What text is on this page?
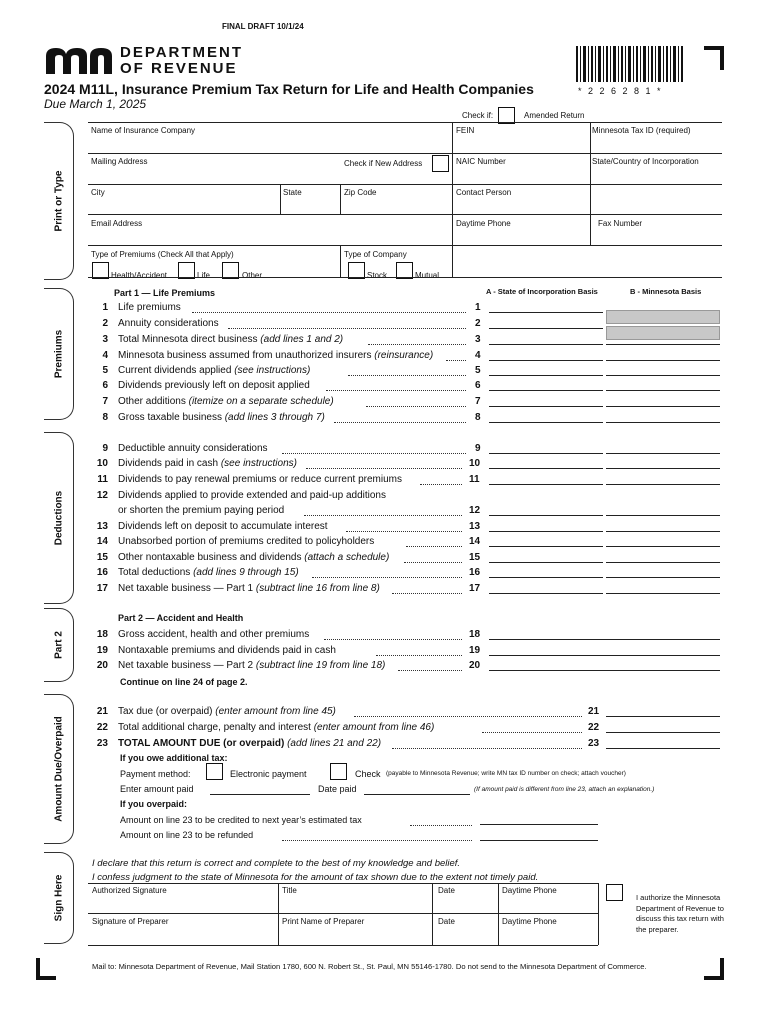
FINAL DRAFT 10/1/24
DEPARTMENT
OF REVENUE
2024 M11L, Insurance Premium Tax Return for Life and Health Companies
Due March 1, 2025
* 2 2 6 2 8 1 *
Check if:	Amended Return
Print or Type
Premiums
Deductions
Part 2
Amount Due/Overpaid
Sign Here
Name of Insurance Company	FEIN	Minnesota Tax ID (required)
Mailing Address	Check if New Address	NAIC Number	State/Country of Incorporation
City	State	Zip Code	Contact Person
Email Address	Daytime Phone	Fax Number
Type of Premiums (Check All that Apply)	Type of Company
Health/Accident	Life	Other	Stock	Mutual
Part 1 — Life Premiums	A - State of Incorporation Basis	B - Minnesota Basis
1 Life premiums	1
2 Annuity considerations	2
3 Total Minnesota direct business (add lines 1 and 2)	3
4 Minnesota business assumed from unauthorized insurers (reinsurance)	4
5 Current dividends applied (see instructions)	5
6 Dividends previously left on deposit applied	6
7 Other additions (itemize on a separate schedule)	7
8 Gross taxable business (add lines 3 through 7)	8
9 Deductible annuity considerations	9
10 Dividends paid in cash (see instructions)	10
11 Dividends to pay renewal premiums or reduce current premiums	11
12 Dividends applied to provide extended and paid-up additions
or shorten the premium paying period	12
13 Dividends left on deposit to accumulate interest	13
14 Unabsorbed portion of premiums credited to policyholders	14
15 Other nontaxable business and dividends (attach a schedule)	15
16 Total deductions (add lines 9 through 15)	16
17 Net taxable business — Part 1 (subtract line 16 from line 8)	17
Part 2 — Accident and Health
18 Gross accident, health and other premiums	18
19 Nontaxable premiums and dividends paid in cash	19
20 Net taxable business — Part 2 (subtract line 19 from line 18)	20
Continue on line 24 of page 2.
21 Tax due (or overpaid) (enter amount from line 45)	21
22 Total additional charge, penalty and interest (enter amount from line 46)	22
23 TOTAL AMOUNT DUE (or overpaid) (add lines 21 and 22)	23
If you owe additional tax:
Payment method:	Electronic payment	Check (payable to Minnesota Revenue; write MN tax ID number on check; attach voucher)
Enter amount paid	Date paid	(If amount paid is different from line 23, attach an explanation.)
If you overpaid:
Amount on line 23 to be credited to next year’s estimated tax
Amount on line 23 to be refunded
I declare that this return is correct and complete to the best of my knowledge and belief.
I confess judgment to the state of Minnesota for the amount of tax shown due to the extent not timely paid.
Authorized Signature	Title	Date	Daytime Phone
Signature of Preparer	Print Name of Preparer	Date	Daytime Phone
I authorize the Minnesota Department of Revenue to discuss this tax return with the preparer.
Mail to: Minnesota Department of Revenue, Mail Station 1780, 600 N. Robert St., St. Paul, MN 55146-1780. Do not send to the Minnesota Department of Commerce.
